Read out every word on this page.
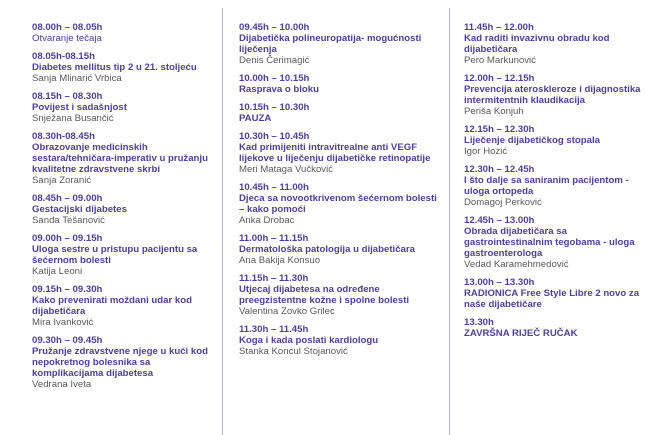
08.00h – 08.05h
Otvaranje tečaja
08.05h-08.15h
Diabetes mellitus tip 2 u 21. stoljeću
Sanja Mlinarić Vrbica
08.15h – 08.30h
Povijest i sadašnjost
Snježana Busančić
08.30h-08.45h
Obrazovanje medicinskih sestara/tehničara-imperativ u pružanju kvalitetne zdravstvene skrbi
Sanja Zoranić
08.45h – 09.00h
Gestacijski dijabetes
Sanda Tešanović
09.00h – 09.15h
Uloga sestre u pristupu pacijentu sa šećernom bolesti
Katija Leoni
09.15h – 09.30h
Kako prevenirati moždani udar kod dijabetičara
Mira Ivanković
09.30h – 09.45h
Pružanje zdravstvene njege u kući kod nepokretnog bolesnika sa komplikacijama dijabetesa
Vedrana Iveta
09.45h – 10.00h
Dijabetička polineuropatija- mogućnosti liječenja
Denis Čerimagić
10.00h – 10.15h
Rasprava o bloku
10.15h – 10.30h
PAUZA
10.30h – 10.45h
Kad primijeniti intravitrealne anti VEGF lijekove u liječenju dijabetičke retinopatije
Meri Mataga Vučković
10.45h – 11.00h
Djeca sa novootkrivenom šećernom bolesti – kako pomoći
Anka Drobac
11.00h – 11.15h
Dermatološka patologija u dijabetičara
Ana Bakija Konsuo
11.15h – 11.30h
Utjecaj dijabetesa na određene preegzistentne kožne i spolne bolesti
Valentina Zovko Grilec
11.30h – 11.45h
Koga i kada poslati kardiologu
Stanka Koncul Stojanović
11.45h – 12.00h
Kad raditi invazivnu obradu kod dijabetičara
Pero Markunović
12.00h – 12.15h
Prevencija ateroskleroze i dijagnostika intermitentnih klaudikacija
Periša Konjuh
12.15h – 12.30h
Liječenje dijabetičkog stopala
Igor Hozić
12.30h – 12.45h
I što dalje sa saniranim pacijentom - uloga ortopeda
Domagoj Perković
12.45h – 13.00h
Obrada dijabetičara sa gastrointestinalnim tegobama - uloga gastroenterologa
Vedad Karamehmedović
13.00h – 13.30h
RADIONICA Free Style Libre 2 novo za naše dijabetičare
13.30h
ZAVRŠNA RIJEČ RUČAK
